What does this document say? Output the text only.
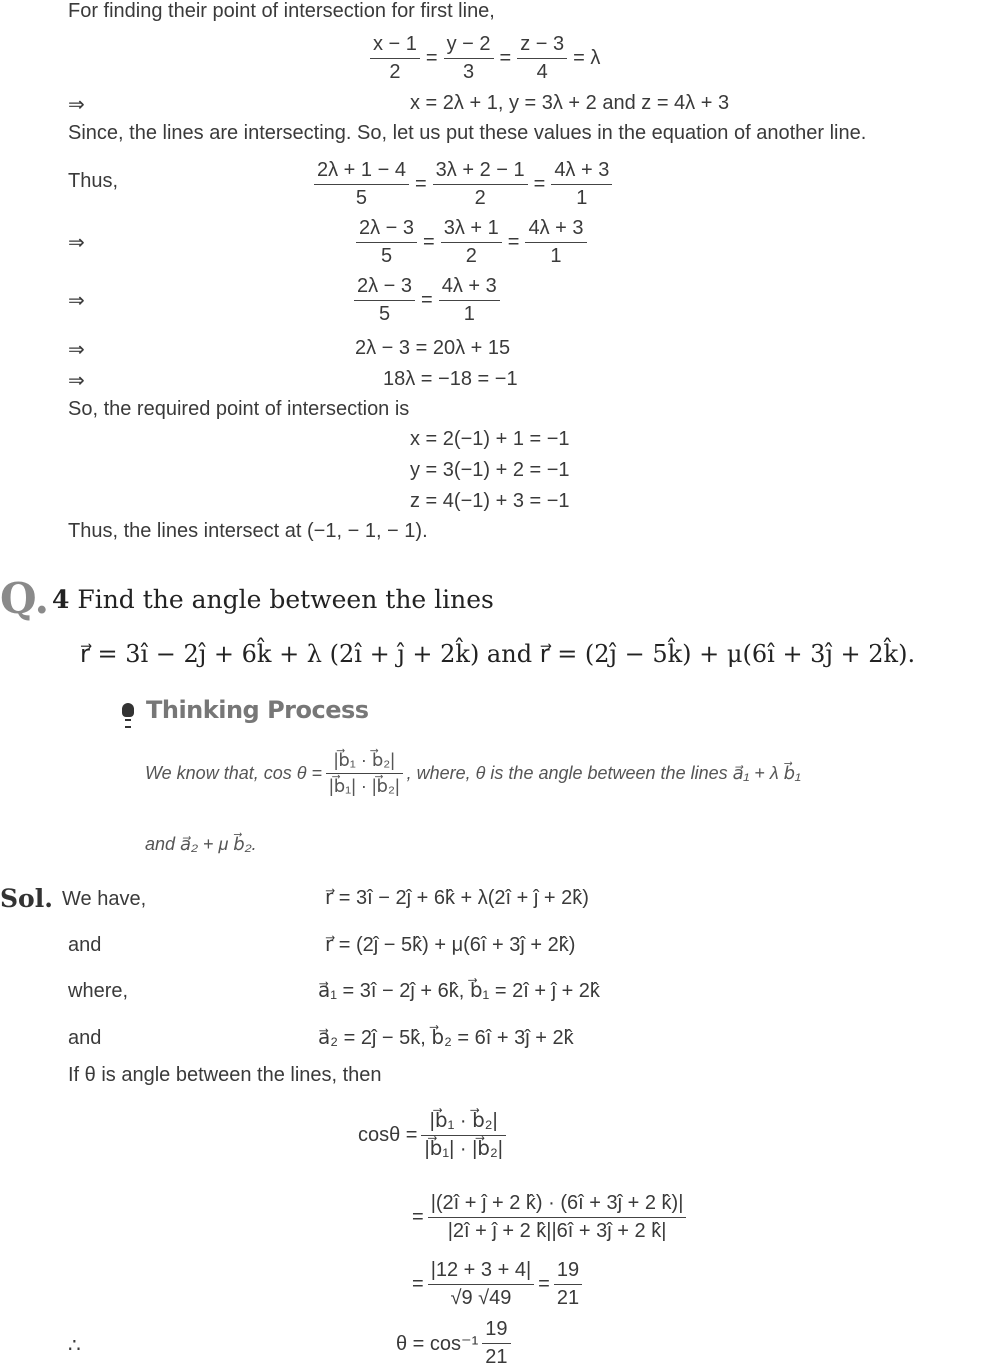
For finding their point of intersection for first line,
$\frac{x - 1}{2} = \frac{y - 2}{3} = \frac{z - 3}{4} = \lambda$
⇒	x = 2λ + 1, y = 3λ + 2 and z = 4λ + 3
Since, the lines are intersecting. So, let us put these values in the equation of another line.
Thus,	$\frac{2\lambda + 1 - 4}{5} = \frac{3\lambda + 2 - 1}{2} = \frac{4\lambda + 3}{1}$
⇒	$\frac{2\lambda - 3}{5} = \frac{3\lambda + 1}{2} = \frac{4\lambda + 3}{1}$
⇒	$\frac{2\lambda - 3}{5} = \frac{4\lambda + 3}{1}$
⇒	2λ − 3 = 20λ + 15
⇒	18λ = −18 = −1
So, the required point of intersection is
x = 2(−1) + 1 = −1
y = 3(−1) + 2 = −1
z = 4(−1) + 3 = −1
Thus, the lines intersect at (−1, − 1, − 1).
Q. 4 Find the angle between the lines
r⃗ = 3î − 2ĵ + 6k̂ + λ (2î + ĵ + 2k̂) and r⃗ = (2ĵ − 5k̂) + μ(6î + 3ĵ + 2k̂).
Thinking Process
We know that, $\cos \theta = \frac{\text{|b⃗₁ · b⃗₂|}}{\text{|b⃗₁| · |b⃗₂|}}$ , where, θ is the angle between the lines a⃗₁ + λ b⃗₁
and a⃗₂ + μ b⃗₂.
Sol. We have,	r⃗ = 3î − 2ĵ + 6k̂ + λ(2î + ĵ + 2k̂)
and	r⃗ = (2ĵ − 5k̂) + μ(6î + 3ĵ + 2k̂)
where,	a⃗₁ = 3î − 2ĵ + 6k̂, b⃗₁ = 2î + ĵ + 2k̂
and	a⃗₂ = 2ĵ − 5k̂, b⃗₂ = 6î + 3ĵ + 2k̂
If θ is angle between the lines, then
$\cos\theta = \frac{\text{|b⃗₁ · b⃗₂|}}{\text{|b⃗₁| · |b⃗₂|}}$
= $\frac{|(2î + ĵ + 2 k̂) \cdot (6î + 3ĵ + 2 k̂)|}{|2î + ĵ + 2 k̂||6î + 3ĵ + 2 k̂|}$
= $\frac{|12 + 3 + 4|}{√9 √49} = \frac{19}{21}$
∴	$\theta = \cos^{-1} \frac{19}{21}$
